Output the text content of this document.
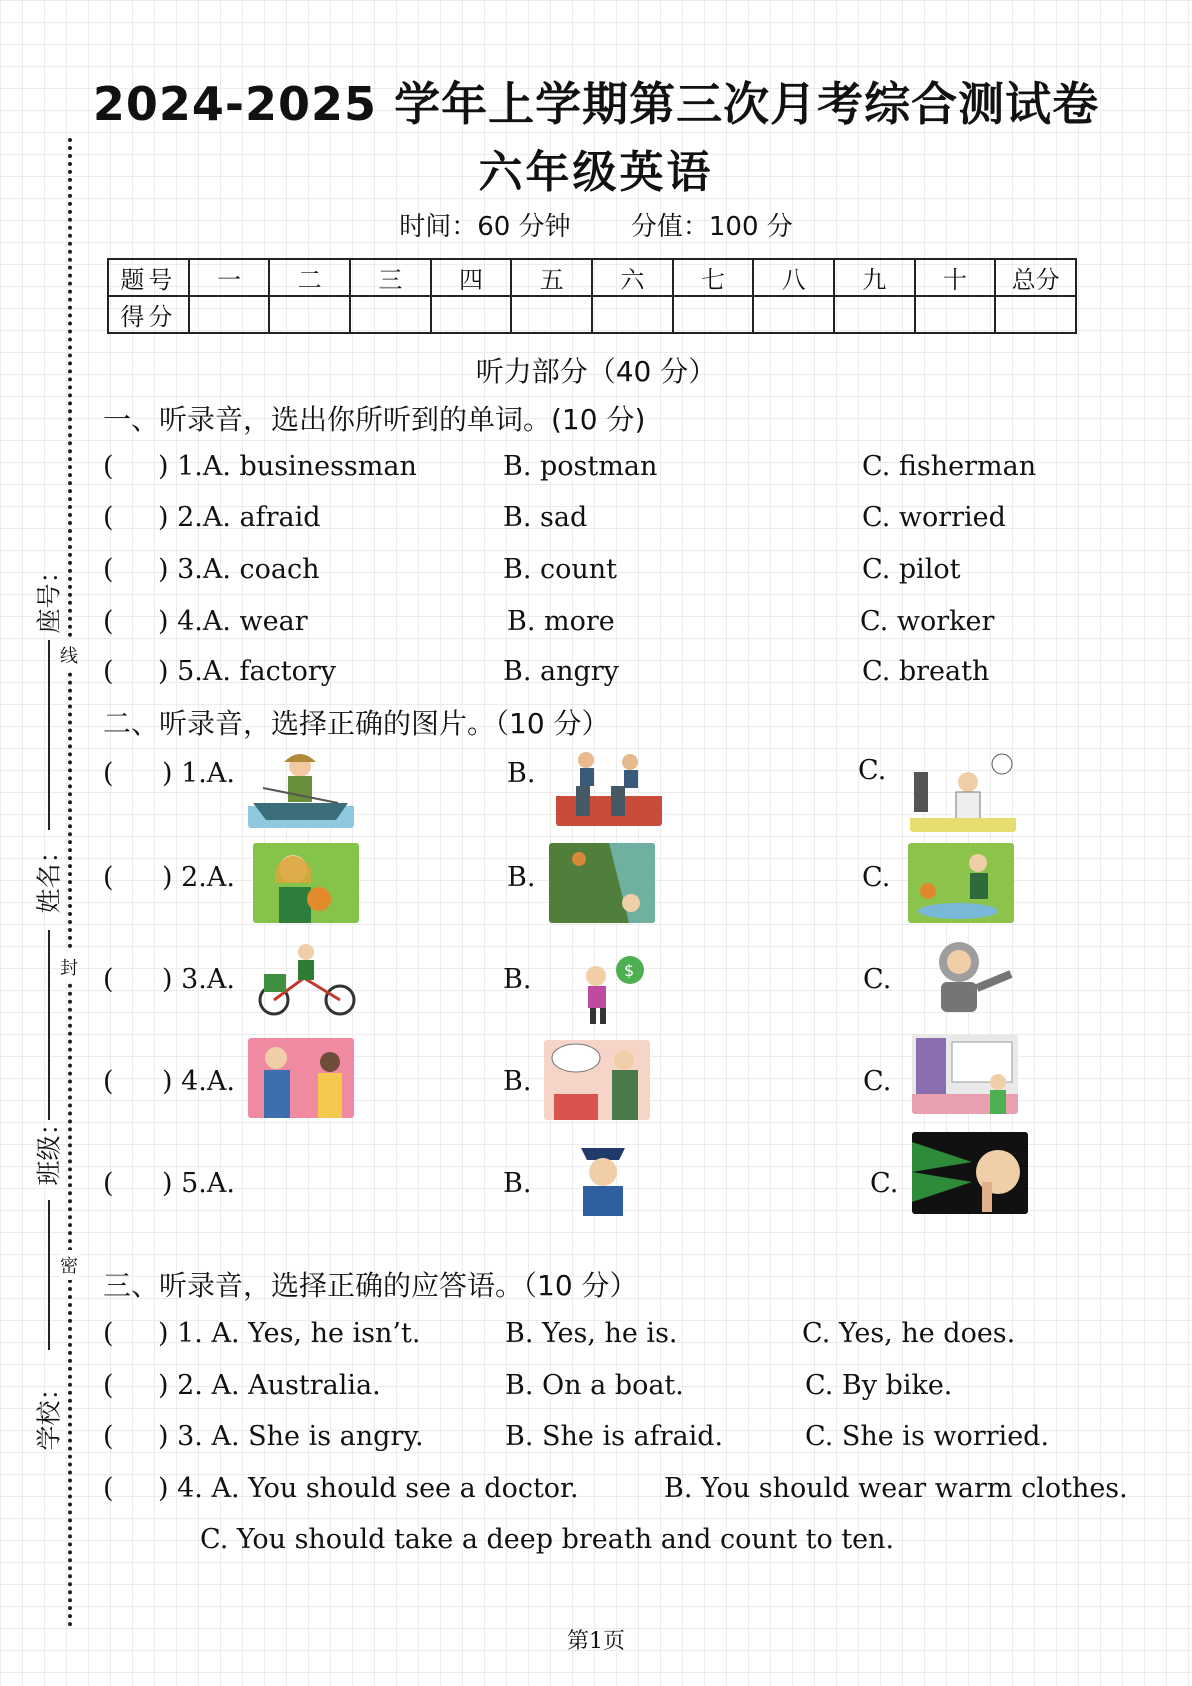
线
封
密
座号：
姓名：
班级：
学校：
2024-2025 学年上学期第三次月考综合测试卷
六年级英语
时间：60 分钟 分值：100 分
题号	一	二	三	四	五	六	七	八	九	十	总分
得分											
听力部分（40 分）
一、听录音，选出你所听到的单词。(10 分)
( ) 1.A. businessman	B. postman	C. fisherman
( ) 2.A. afraid	B. sad	C. worried
( ) 3.A. coach	B. count	C. pilot
( ) 4.A. wear	B. more	C. worker
( ) 5.A. factory	B. angry	C. breath
二、听录音，选择正确的图片。（10 分）
( ) 1.A.	B.	C.
( ) 2.A.	B.	C.
( ) 3.A.	B.	$	C.
( ) 4.A.	B.	C.
( ) 5.A.	B.	C.
三、听录音，选择正确的应答语。（10 分）
( ) 1. A. Yes, he isn’t.	B. Yes, he is.	C. Yes, he does.
( ) 2. A. Australia.	B. On a boat.	C. By bike.
( ) 3. A. She is angry.	B. She is afraid.	C. She is worried.
( ) 4. A. You should see a doctor.	B. You should wear warm clothes.
C. You should take a deep breath and count to ten.
第1页
